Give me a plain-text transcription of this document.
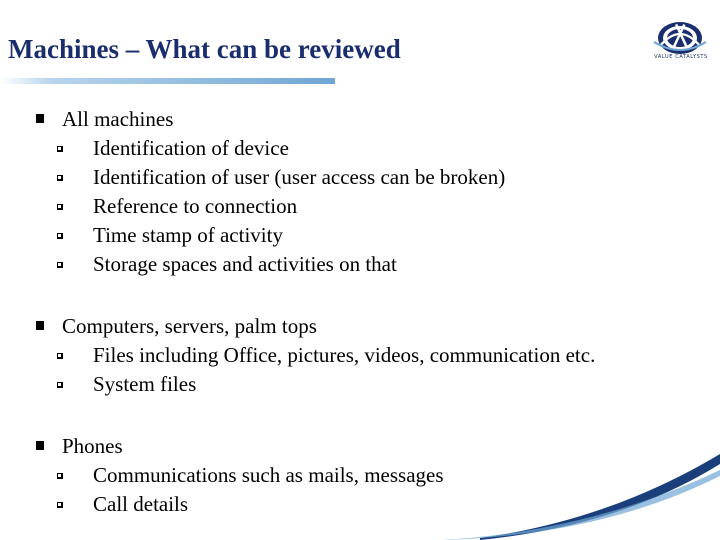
Machines – What can be reviewed	VALUE CATALYSTS
All machines
Identification of device
Identification of user (user access can be broken)
Reference to connection
Time stamp of activity
Storage spaces and activities on that
Computers, servers, palm tops
Files including Office, pictures, videos, communication etc.
System files
Phones
Communications such as mails, messages
Call details
